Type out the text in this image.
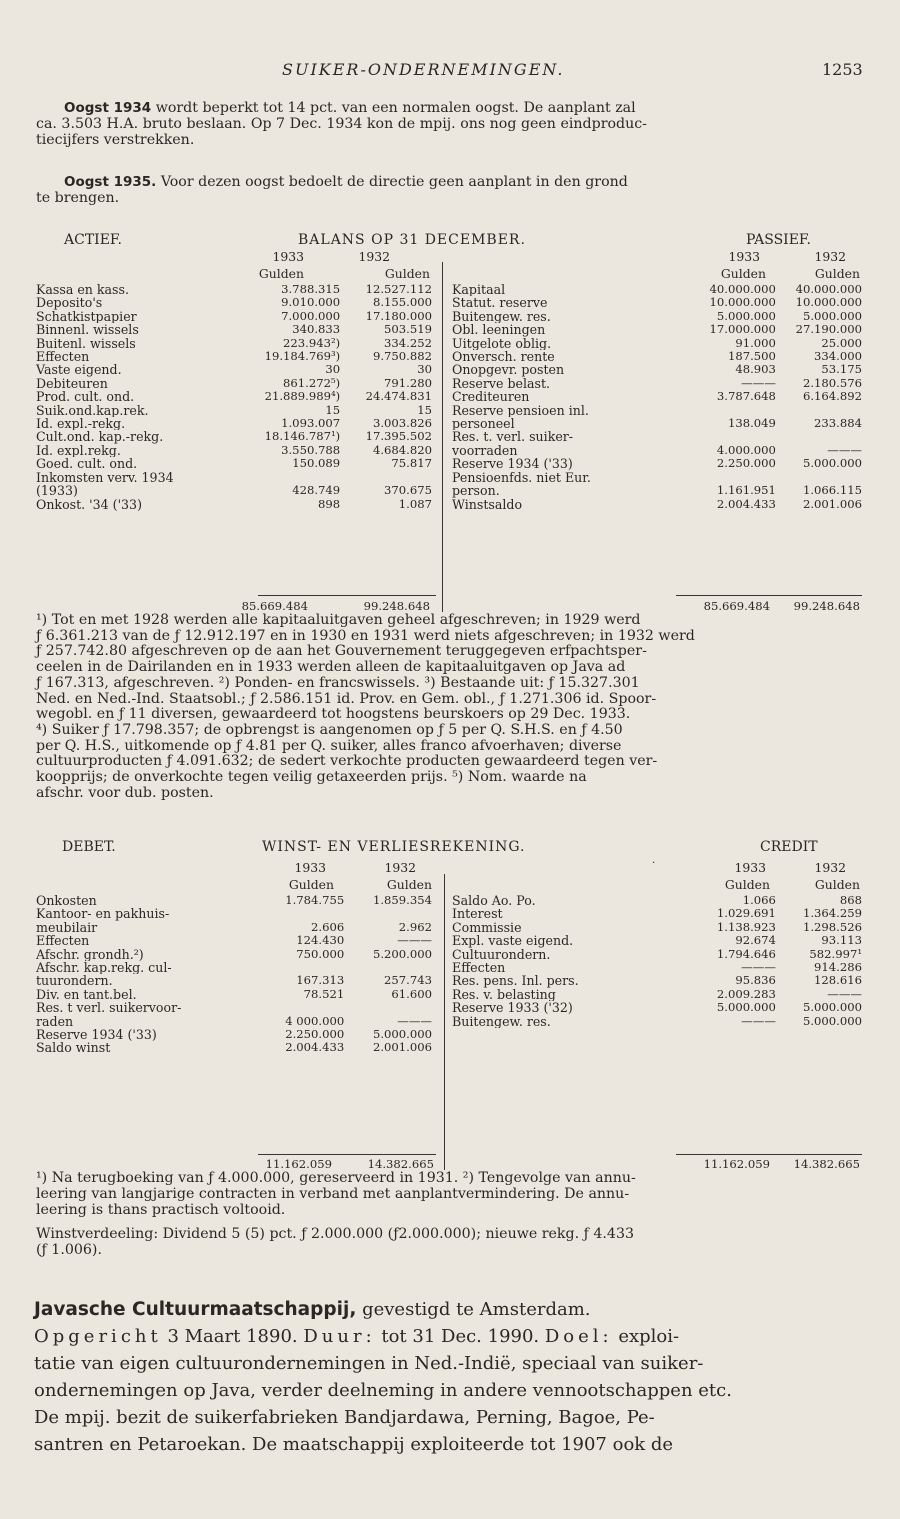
SUIKER-ONDERNEMINGEN.	1253
Oogst 1934 wordt beperkt tot 14 pct. van een normalen oogst. De aanplant zal
ca. 3.503 H.A. bruto beslaan. Op 7 Dec. 1934 kon de mpij. ons nog geen eindproduc-
tiecijfers verstrekken.
Oogst 1935. Voor dezen oogst bedoelt de directie geen aanplant in den grond
te brengen.
ACTIEF.	BALANS OP 31 DECEMBER.	PASSIEF.
1933	1932
Gulden	Gulden
1933	1932
Gulden	Gulden
Kassa en kass.	3.788.315	12.527.112
Deposito's	9.010.000	8.155.000
Schatkistpapier	7.000.000	17.180.000
Binnenl. wissels	340.833	503.519
Buitenl. wissels	223.943²)	334.252
Effecten	19.184.769³)	9.750.882
Vaste eigend.	30	30
Debiteuren	861.272⁵)	791.280
Prod. cult. ond.	21.889.989⁴)	24.474.831
Suik.ond.kap.rek.	15	15
Id. expl.-rekg.	1.093.007	3.003.826
Cult.ond. kap.-rekg.	18.146.787¹)	17.395.502
Id. expl.rekg.	3.550.788	4.684.820
Goed. cult. ond.	150.089	75.817
Inkomsten verv. 1934		
(1933)	428.749	370.675
Onkost. '34 ('33)	898	1.087
Kapitaal	40.000.000	40.000.000
Statut. reserve	10.000.000	10.000.000
Buitengew. res.	5.000.000	5.000.000
Obl. leeningen	17.000.000	27.190.000
Uitgelote oblig.	91.000	25.000
Onversch. rente	187.500	334.000
Onopgevr. posten	48.903	53.175
Reserve belast.	———	2.180.576
Crediteuren	3.787.648	6.164.892
Reserve pensioen inl.		
personeel	138.049	233.884
Res. t. verl. suiker-		
voorraden	4.000.000	———
Reserve 1934 ('33)	2.250.000	5.000.000
Pensioenfds. niet Eur.		
person.	1.161.951	1.066.115
Winstsaldo	2.004.433	2.001.006
85.669.484	99.248.648	85.669.484	99.248.648
¹) Tot en met 1928 werden alle kapitaaluitgaven geheel afgeschreven; in 1929 werd
ƒ 6.361.213 van de ƒ 12.912.197 en in 1930 en 1931 werd niets afgeschreven; in 1932 werd
ƒ 257.742.80 afgeschreven op de aan het Gouvernement teruggegeven erfpachtsper-
ceelen in de Dairilanden en in 1933 werden alleen de kapitaaluitgaven op Java ad
ƒ 167.313, afgeschreven. ²) Ponden- en francswissels. ³) Bestaande uit: ƒ 15.327.301
Ned. en Ned.-Ind. Staatsobl.; ƒ 2.586.151 id. Prov. en Gem. obl., ƒ 1.271.306 id. Spoor-
wegobl. en ƒ 11 diversen, gewaardeerd tot hoogstens beurskoers op 29 Dec. 1933.
⁴) Suiker ƒ 17.798.357; de opbrengst is aangenomen op ƒ 5 per Q. S.H.S. en ƒ 4.50
per Q. H.S., uitkomende op ƒ 4.81 per Q. suiker, alles franco afvoerhaven; diverse
cultuurproducten ƒ 4.091.632; de sedert verkochte producten gewaardeerd tegen ver-
koopprijs; de onverkochte tegen veilig getaxeerden prijs. ⁵) Nom. waarde na
afschr. voor dub. posten.
DEBET.	WINST- EN VERLIESREKENING.	CREDIT
1933	1932
Gulden	Gulden
·	1933	1932
Gulden	Gulden
Onkosten	1.784.755	1.859.354
Kantoor- en pakhuis-		
meubilair	2.606	2.962
Effecten	124.430	———
Afschr. grondh.²)	750.000	5.200.000
Afschr. kap.rekg. cul-		
tuurondern.	167.313	257.743
Div. en tant.bel.	78.521	61.600
Res. t verl. suikervoor-		
raden	4 000.000	———
Reserve 1934 ('33)	2.250.000	5.000.000
Saldo winst	2.004.433	2.001.006
Saldo Ao. Po.	1.066	868
Interest	1.029.691	1.364.259
Commissie	1.138.923	1.298.526
Expl. vaste eigend.	92.674	93.113
Cultuurondern.	1.794.646	582.997¹
Effecten	———	914.286
Res. pens. Inl. pers.	95.836	128.616
Res. v. belasting	2.009.283	———
Reserve 1933 ('32)	5.000.000	5.000.000
Buitengew. res.	———	5.000.000
11.162.059	14.382.665	11.162.059	14.382.665
¹) Na terugboeking van ƒ 4.000.000, gereserveerd in 1931. ²) Tengevolge van annu-
leering van langjarige contracten in verband met aanplantvermindering. De annu-
leering is thans practisch voltooid.
Winstverdeeling: Dividend 5 (5) pct. ƒ 2.000.000 (ƒ2.000.000); nieuwe rekg. ƒ 4.433
(ƒ 1.006).
Javasche Cultuurmaatschappij, gevestigd te Amsterdam.
Opgericht 3 Maart 1890. Duur: tot 31 Dec. 1990. Doel: exploi-
tatie van eigen cultuurondernemingen in Ned.-Indië, speciaal van suiker-
ondernemingen op Java, verder deelneming in andere vennootschappen etc.
De mpij. bezit de suikerfabrieken Bandjardawa, Perning, Bagoe, Pe-
santren en Petaroekan. De maatschappij exploiteerde tot 1907 ook de
